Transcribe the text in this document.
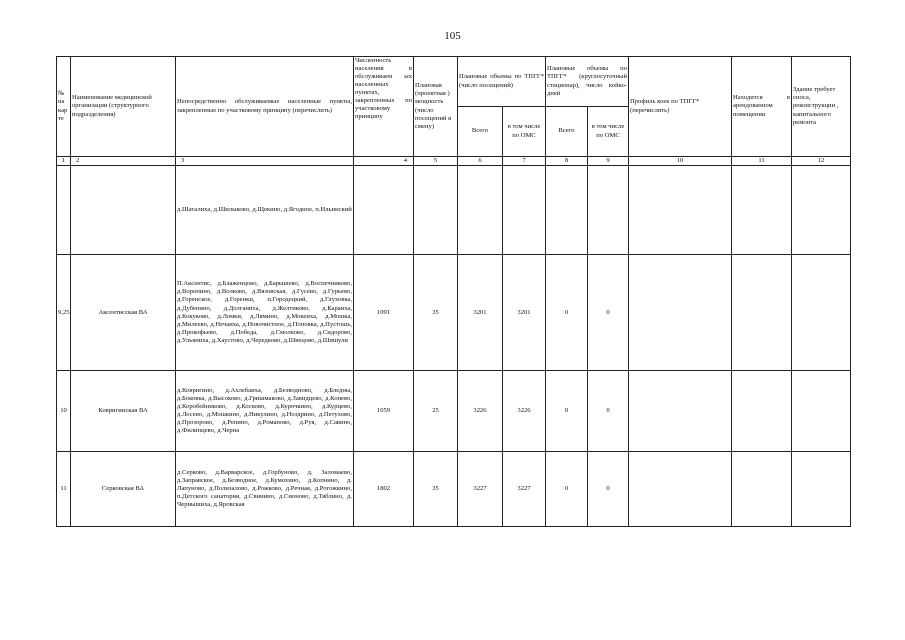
105
№ на кар те	Наименование медицинской организации (структурного подразделения)	Непосредственно обслуживаемые населенные пункты, закрепленные по участковому принципу (перечислить)	Численность населения в обслуживаем ых населенных пунктах, закрепленных по участковому принципу	Плановая (проектная ) мощность (число посещений в смену)	Плановые объемы по ТПГГ* (число посещений)		Плановые объемы по ТПГГ* (круглосуточный стационар), число койко-дней		Профиль коек по ТПГГ* (перечислить)	Находится в арендованном помещении	Здание требует сноса, реконструкции , капитального ремонта
					Всего	в том числе по ОМС	Всего	в том числе по ОМС			
1	2	3	4	5	6	7	8	9	10	11	12
		д.Шаталиха, д.Шилыково, д.Щекино, д.Ягодное, п.Ильинский									
9,25	Аксентисская ВА	П.Аксентис, д.Блаженцово, д.Барышево, д.Воспечниково, д.Воропино, д.Волково, д.Вязовская, д.Гусево, д.Гурьево, д.Горенское, д.Горенки, п.Городецкий, д.Глуховка, д.Дубенино, д.Долганиха, д.Желтиково, д.Караиха, д.Кокуково, д.Ломки, д.Лямино, д.Мокеиха, д.Мошка, д.Милеево, д.Нечаиха, д.Новочистное, д.Поповка, д.Пустошь, д.Прокофьево, д.Победа, д.Смолково, д.Сидорово, д.Ульяниха, д.Хаустово, д.Чередково, д.Швецово, д.Шишули	1091	35	3201	3201	0	0			
10	Ковригинская ВА	д.Ковригино, д.Ахлебаиха, д.Безводново, д.Бледны, д.Боковка, д.Высоково, д.Гришмаково, д.Завидцево, д.Конево, д.Коробейниково, д.Косково, д.Курочкино, д.Курцево, д.Лосево, д.Мошкино, д.Никулино, д.Ноздрино, д.Петухово, д.Прозорово, д.Репино, д.Романово, д.Руя, д.Савино, д.Филинцево, д.Черна	1059	25	3226	3226	0	0			
11	Серковская ВА	д.Серково, д.Варварское, д.Горбуново, д. Заломаево, д.Заправское, д.Безводное, д.Кумохино, д.Копнино, д. Лапуново, д.Полизалово, д.Рожково, д.Речная, д.Рогожкино, п.Детского санатория, д.Свинино, д.Сионово, д.Тяблино, д. Чернышиха, д.Яровская	1802	35	3227	3227	0	0			
